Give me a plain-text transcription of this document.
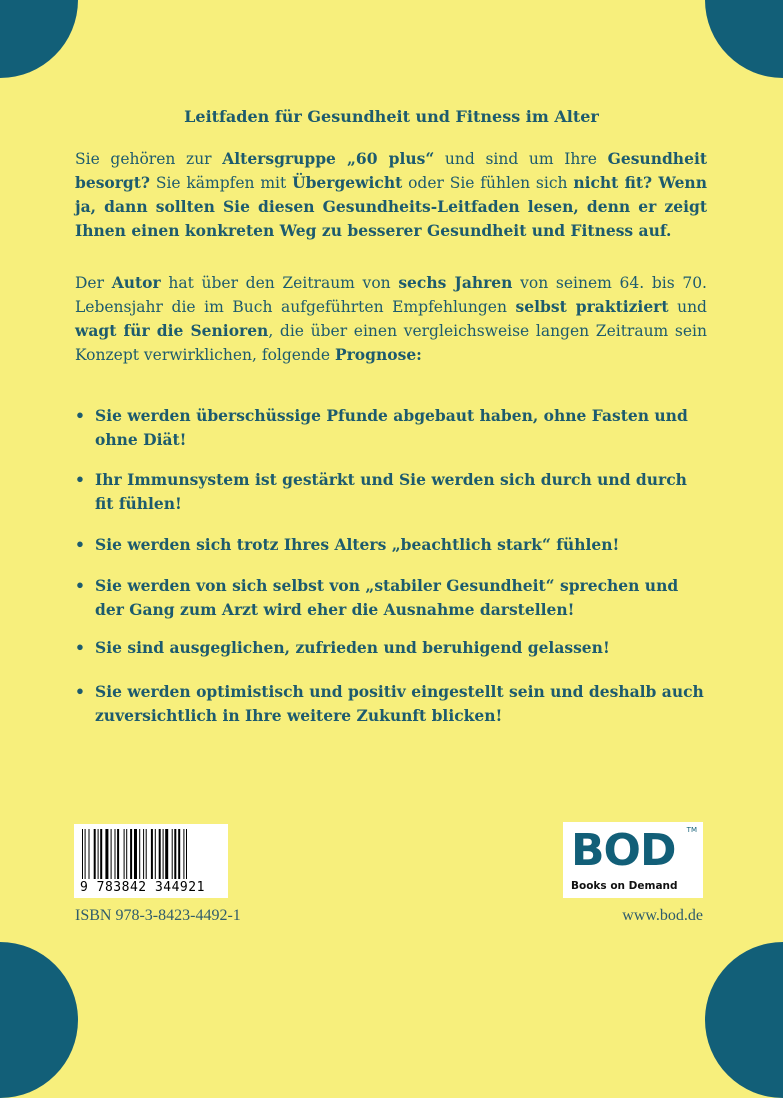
Leitfaden für Gesundheit und Fitness im Alter

Sie gehören zur Altersgruppe „60 plus“ und sind um Ihre Gesundheit besorgt? Sie kämpfen mit Übergewicht oder Sie fühlen sich nicht fit? Wenn ja, dann sollten Sie diesen Gesundheits-Leitfaden lesen, denn er zeigt Ihnen einen konkreten Weg zu besserer Gesundheit und Fitness auf.

Der Autor hat über den Zeitraum von sechs Jahren von seinem 64. bis 70. Lebensjahr die im Buch aufgeführten Empfehlungen selbst praktiziert und wagt für die Senioren, die über einen vergleichsweise langen Zeitraum sein Konzept verwirklichen, folgende Prognose:

• Sie werden überschüssige Pfunde abgebaut haben, ohne Fasten und ohne Diät!
• Ihr Immunsystem ist gestärkt und Sie werden sich durch und durch fit fühlen!
• Sie werden sich trotz Ihres Alters „beachtlich stark“ fühlen!
• Sie werden von sich selbst von „stabiler Gesundheit“ sprechen und der Gang zum Arzt wird eher die Ausnahme darstellen!
• Sie sind ausgeglichen, zufrieden und beruhigend gelassen!
• Sie werden optimistisch und positiv eingestellt sein und deshalb auch zuversichtlich in Ihre weitere Zukunft blicken!
9 783842 344921
BOD TM
Books on Demand
ISBN 978-3-8423-4492-1	www.bod.de
